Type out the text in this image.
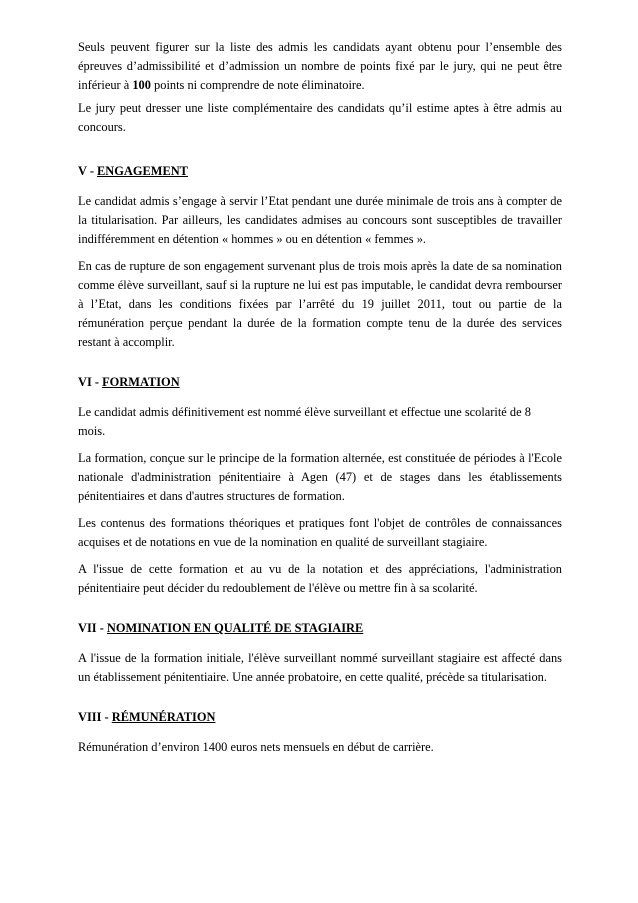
Seuls peuvent figurer sur la liste des admis les candidats ayant obtenu pour l’ensemble des épreuves d’admissibilité et d’admission un nombre de points fixé par le jury, qui ne peut être inférieur à 100 points ni comprendre de note éliminatoire.

Le jury peut dresser une liste complémentaire des candidats qu’il estime aptes à être admis au concours.

V - ENGAGEMENT

Le candidat admis s’engage à servir l’Etat pendant une durée minimale de trois ans à compter de la titularisation. Par ailleurs, les candidates admises au concours sont susceptibles de travailler indifféremment en détention « hommes » ou en détention « femmes ».

En cas de rupture de son engagement survenant plus de trois mois après la date de sa nomination comme élève surveillant, sauf si la rupture ne lui est pas imputable, le candidat devra rembourser à l’Etat, dans les conditions fixées par l’arrêté du 19 juillet 2011, tout ou partie de la rémunération perçue pendant la durée de la formation compte tenu de la durée des services restant à accomplir.

VI - FORMATION

Le candidat admis définitivement est nommé élève surveillant et effectue une scolarité de 8 mois.

La formation, conçue sur le principe de la formation alternée, est constituée de périodes à l'Ecole nationale d'administration pénitentiaire à Agen (47) et de stages dans les établissements pénitentiaires et dans d'autres structures de formation.

Les contenus des formations théoriques et pratiques font l'objet de contrôles de connaissances acquises et de notations en vue de la nomination en qualité de surveillant stagiaire.

A l'issue de cette formation et au vu de la notation et des appréciations, l'administration pénitentiaire peut décider du redoublement de l'élève ou mettre fin à sa scolarité.

VII - NOMINATION EN QUALITÉ DE STAGIAIRE

A l'issue de la formation initiale, l'élève surveillant nommé surveillant stagiaire est affecté dans un établissement pénitentiaire. Une année probatoire, en cette qualité, précède sa titularisation.

VIII - RÉMUNÉRATION

Rémunération d’environ 1400 euros nets mensuels en début de carrière.
